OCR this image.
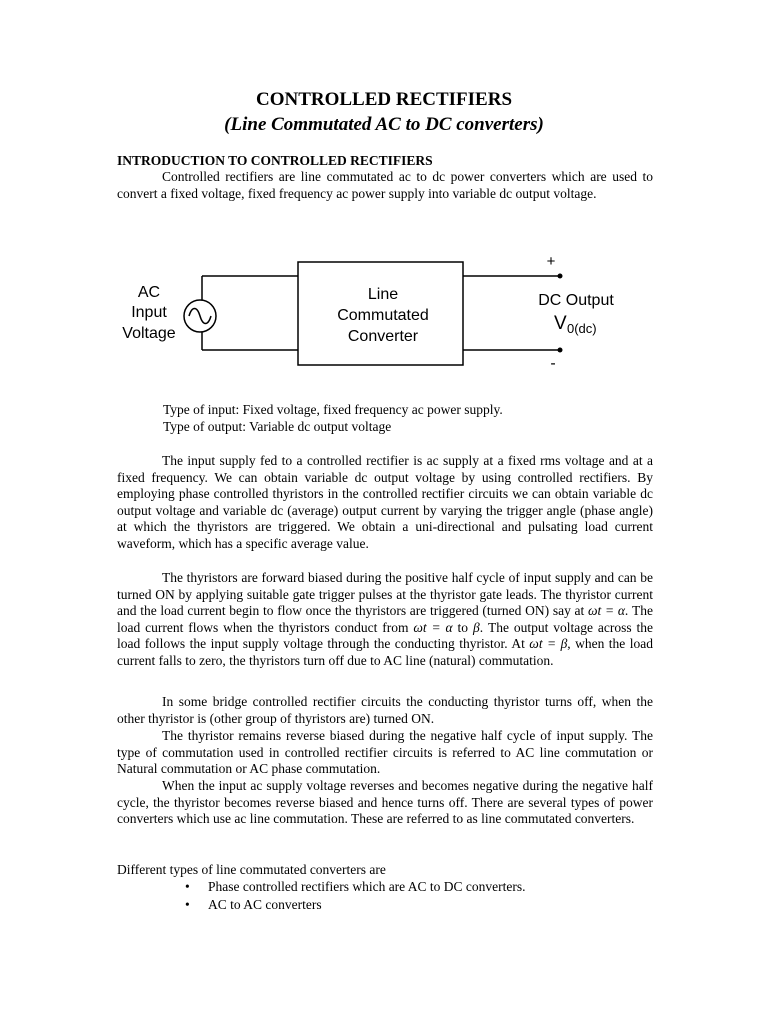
CONTROLLED RECTIFIERS
(Line Commutated AC to DC converters)
INTRODUCTION TO CONTROLLED RECTIFIERS

Controlled rectifiers are line commutated ac to dc power converters which are used to convert a fixed voltage, fixed frequency ac power supply into variable dc output voltage.

AC
Input
Voltage
Line
Commutated
Converter
+
-
DC Output
V 0(dc)
Type of input: Fixed voltage, fixed frequency ac power supply.
Type of output: Variable dc output voltage

The input supply fed to a controlled rectifier is ac supply at a fixed rms voltage and at a fixed frequency. We can obtain variable dc output voltage by using controlled rectifiers. By employing phase controlled thyristors in the controlled rectifier circuits we can obtain variable dc output voltage and variable dc (average) output current by varying the trigger angle (phase angle) at which the thyristors are triggered. We obtain a uni-directional and pulsating load current waveform, which has a specific average value.

The thyristors are forward biased during the positive half cycle of input supply and can be turned ON by applying suitable gate trigger pulses at the thyristor gate leads. The thyristor current and the load current begin to flow once the thyristors are triggered (turned ON) say at ωt = α. The load current flows when the thyristors conduct from ωt = α to β. The output voltage across the load follows the input supply voltage through the conducting thyristor. At ωt = β, when the load current falls to zero, the thyristors turn off due to AC line (natural) commutation.

In some bridge controlled rectifier circuits the conducting thyristor turns off, when the other thyristor is (other group of thyristors are) turned ON.

The thyristor remains reverse biased during the negative half cycle of input supply. The type of commutation used in controlled rectifier circuits is referred to AC line commutation or Natural commutation or AC phase commutation.

When the input ac supply voltage reverses and becomes negative during the negative half cycle, the thyristor becomes reverse biased and hence turns off. There are several types of power converters which use ac line commutation. These are referred to as line commutated converters.

Different types of line commutated converters are
• Phase controlled rectifiers which are AC to DC converters.
• AC to AC converters
